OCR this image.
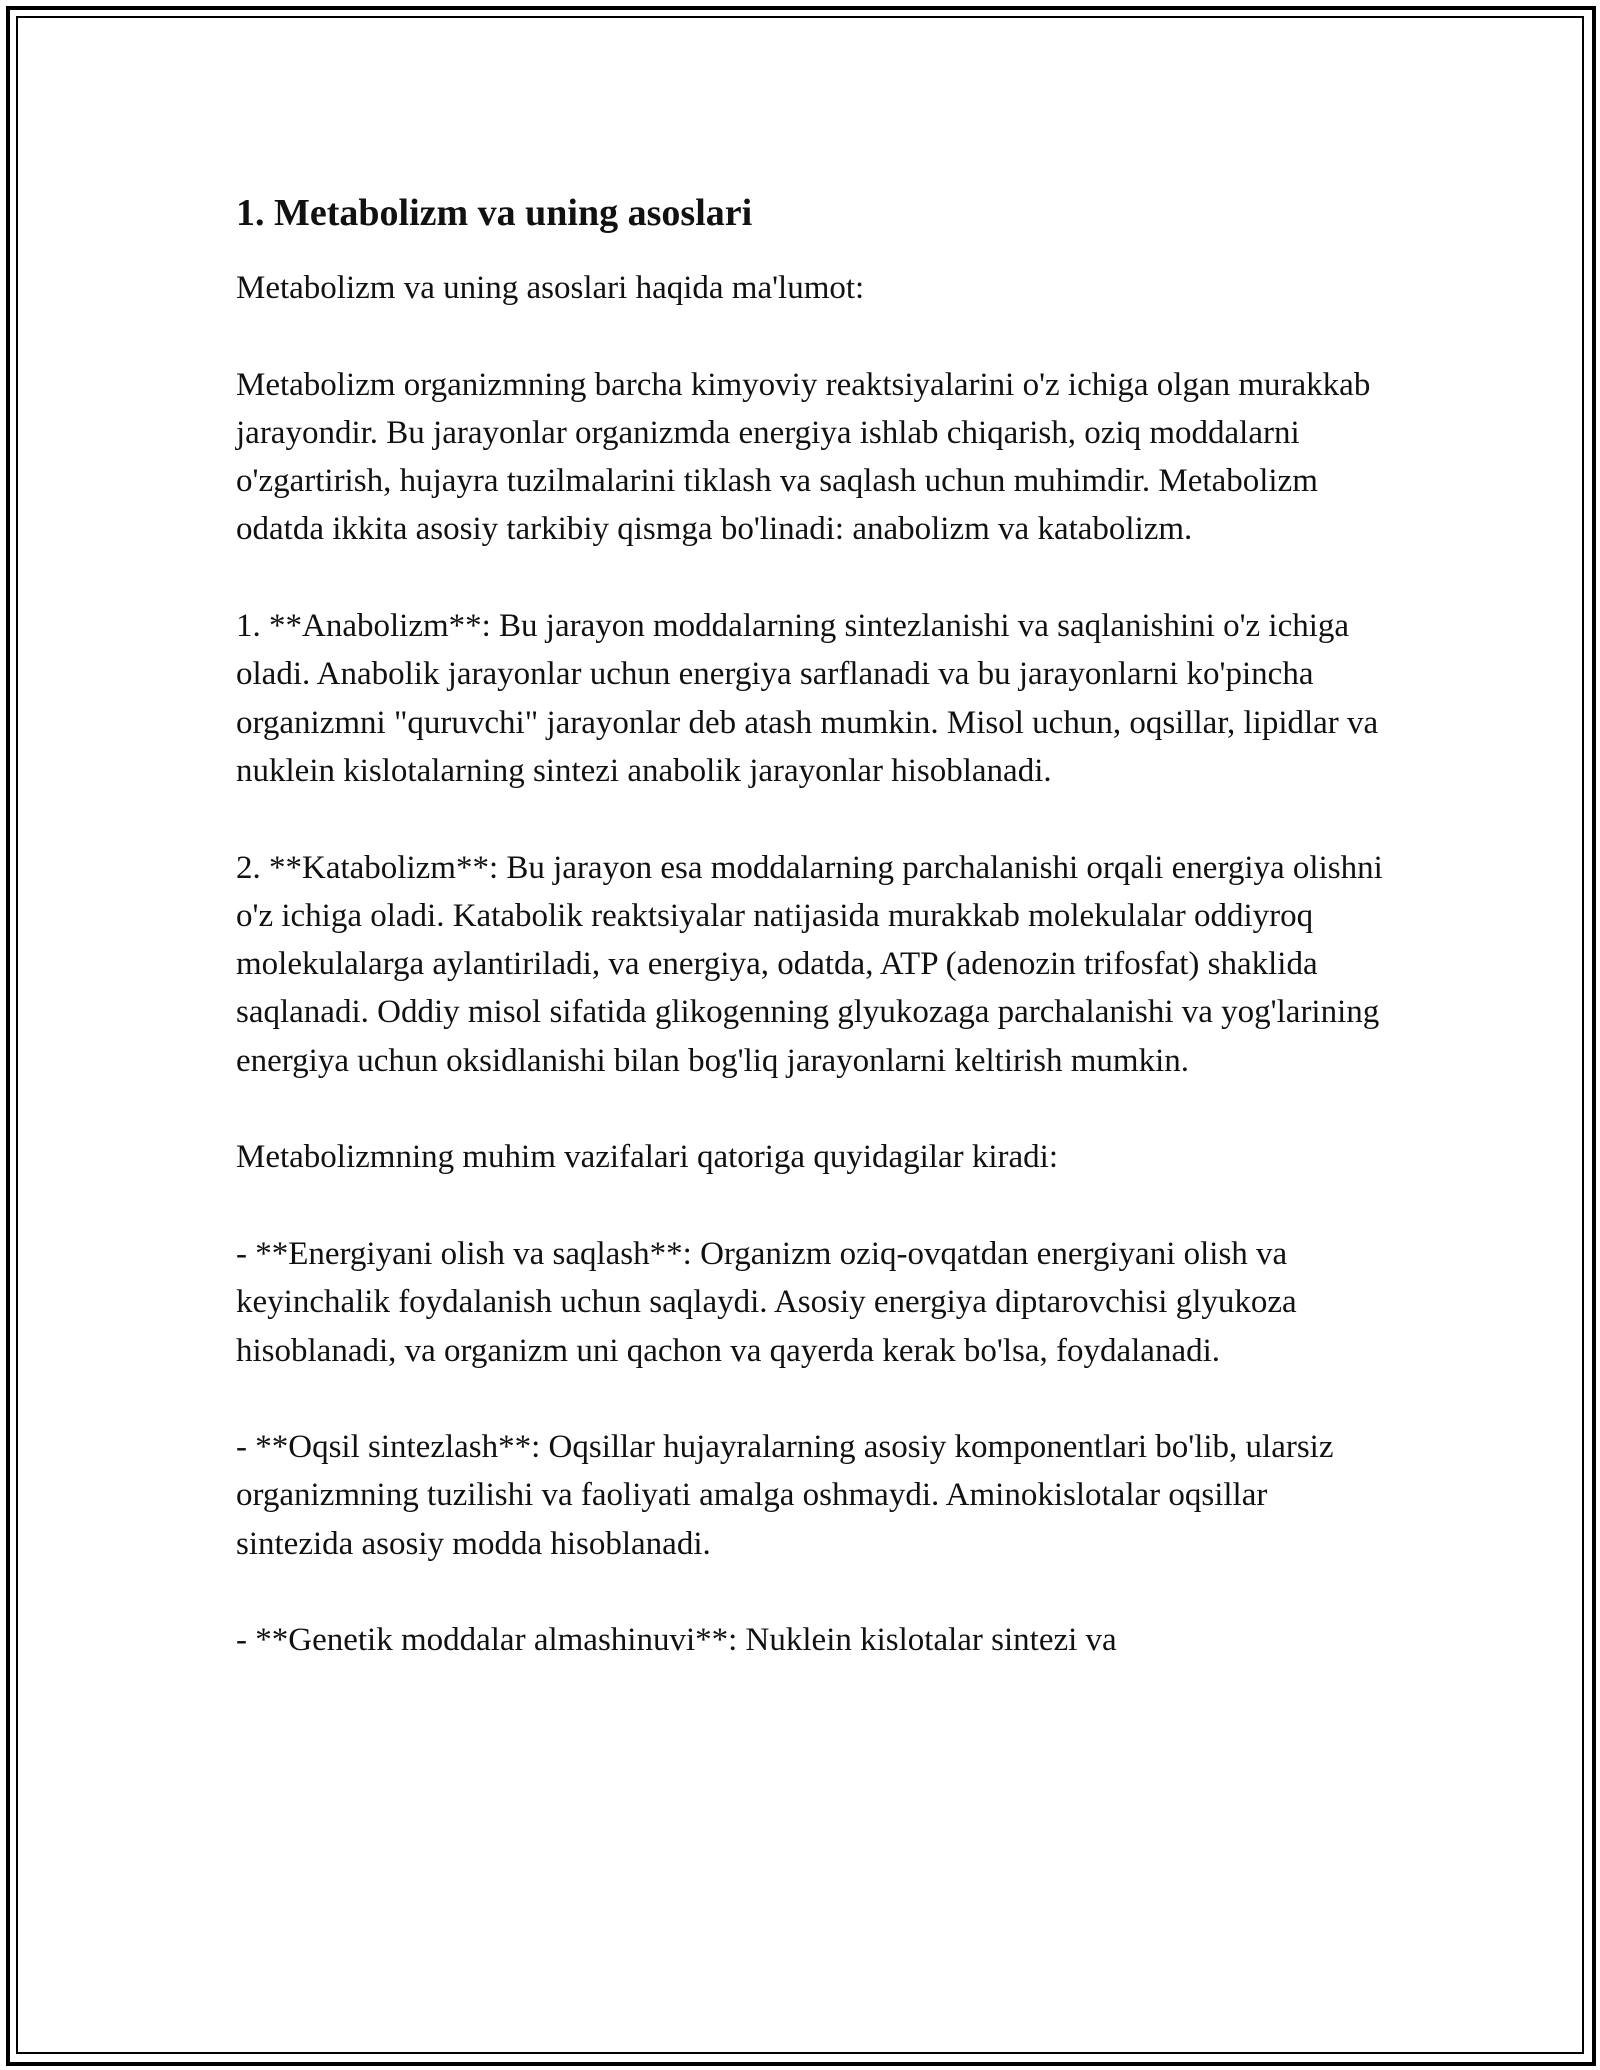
1. Metabolizm va uning asoslari

Metabolizm va uning asoslari haqida ma'lumot:

Metabolizm organizmning barcha kimyoviy reaktsiyalarini o'z ichiga olgan murakkab jarayondir. Bu jarayonlar organizmda energiya ishlab chiqarish, oziq moddalarni o'zgartirish, hujayra tuzilmalarini tiklash va saqlash uchun muhimdir. Metabolizm odatda ikkita asosiy tarkibiy qismga bo'linadi: anabolizm va katabolizm.

1. **Anabolizm**: Bu jarayon moddalarning sintezlanishi va saqlanishini o'z ichiga oladi. Anabolik jarayonlar uchun energiya sarflanadi va bu jarayonlarni ko'pincha organizmni "quruvchi" jarayonlar deb atash mumkin. Misol uchun, oqsillar, lipidlar va nuklein kislotalarning sintezi anabolik jarayonlar hisoblanadi.

2. **Katabolizm**: Bu jarayon esa moddalarning parchalanishi orqali energiya olishni o'z ichiga oladi. Katabolik reaktsiyalar natijasida murakkab molekulalar oddiyroq molekulalarga aylantiriladi, va energiya, odatda, ATP (adenozin trifosfat) shaklida saqlanadi. Oddiy misol sifatida glikogenning glyukozaga parchalanishi va yog'larining energiya uchun oksidlanishi bilan bog'liq jarayonlarni keltirish mumkin.

Metabolizmning muhim vazifalari qatoriga quyidagilar kiradi:

- **Energiyani olish va saqlash**: Organizm oziq-ovqatdan energiyani olish va keyinchalik foydalanish uchun saqlaydi. Asosiy energiya diptarovchisi glyukoza hisoblanadi, va organizm uni qachon va qayerda kerak bo'lsa, foydalanadi.

- **Oqsil sintezlash**: Oqsillar hujayralarning asosiy komponentlari bo'lib, ularsiz organizmning tuzilishi va faoliyati amalga oshmaydi. Aminokislotalar oqsillar sintezida asosiy modda hisoblanadi.

- **Genetik moddalar almashinuvi**: Nuklein kislotalar sintezi va
